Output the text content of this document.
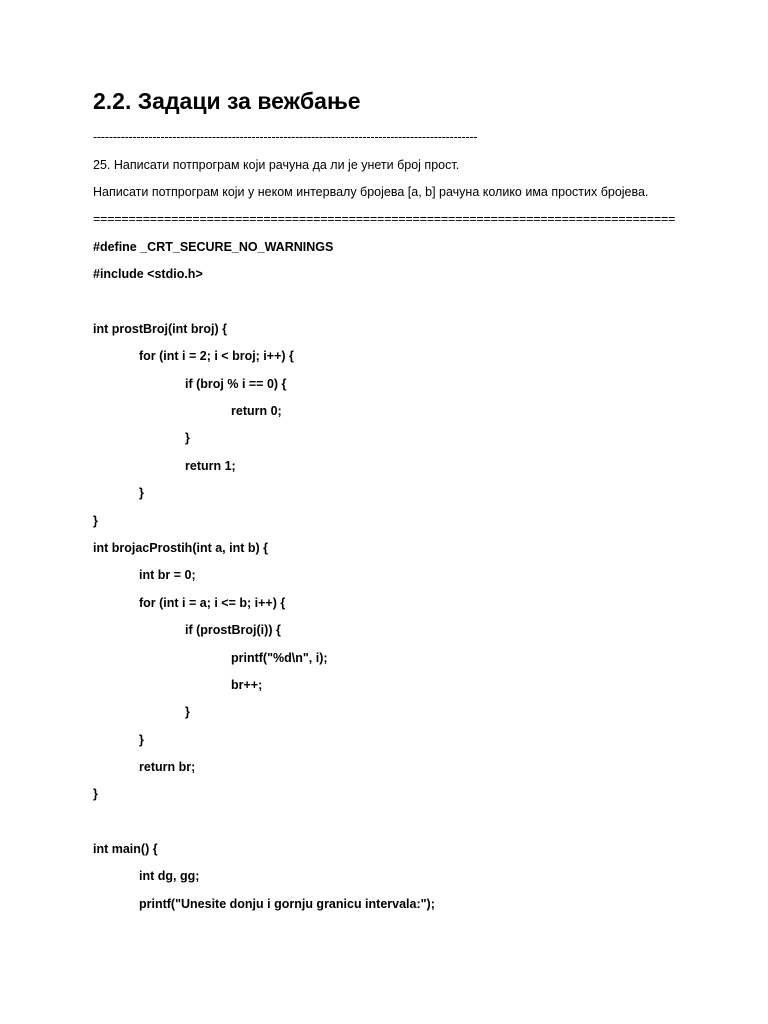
2.2. Задаци за вежбање
-------------------------------------------------------------------------------------------------
25. Написати потпрограм који рачуна да ли је унети број прост.
Написати потпрограм који у неком интервалу бројева [a, b] рачуна колико има простих бројева.
==================================================================================
#define _CRT_SECURE_NO_WARNINGS
#include <stdio.h>
int prostBroj(int broj) {
for (int i = 2; i < broj; i++) {
if (broj % i == 0) {
return 0;
}
return 1;
}
}
int brojacProstih(int a, int b) {
int br = 0;
for (int i = a; i <= b; i++) {
if (prostBroj(i)) {
printf("%d\n", i);
br++;
}
}
return br;
}
int main() {
int dg, gg;
printf("Unesite donju i gornju granicu intervala:");
